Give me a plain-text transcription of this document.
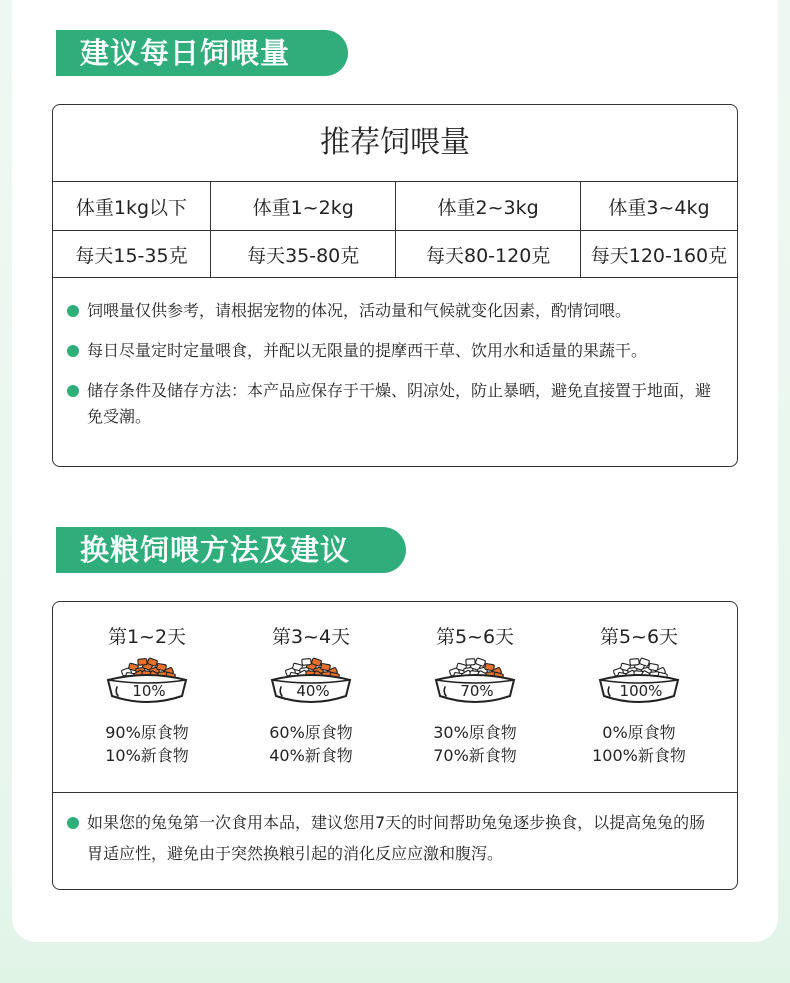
建议每日饲喂量
推荐饲喂量
体重1kg以下	体重1~2kg	体重2~3kg	体重3~4kg
每天15-35克	每天35-80克	每天80-120克	每天120-160克
饲喂量仅供参考，请根据宠物的体况，活动量和气候就变化因素，酌情饲喂。
每日尽量定时定量喂食，并配以无限量的提摩西干草、饮用水和适量的果蔬干。
储存条件及储存方法：本产品应保存于干燥、阴凉处，防止暴晒，避免直接置于地面，避免受潮。
换粮饲喂方法及建议
第1~2天
10%
90%原食物
10%新食物
第3~4天
40%
60%原食物
40%新食物
第5~6天
70%
30%原食物
70%新食物
第5~6天
100%
0%原食物
100%新食物
如果您的兔兔第一次食用本品，建议您用7天的时间帮助兔兔逐步换食，以提高兔兔的肠胃适应性，避免由于突然换粮引起的消化反应应激和腹泻。
